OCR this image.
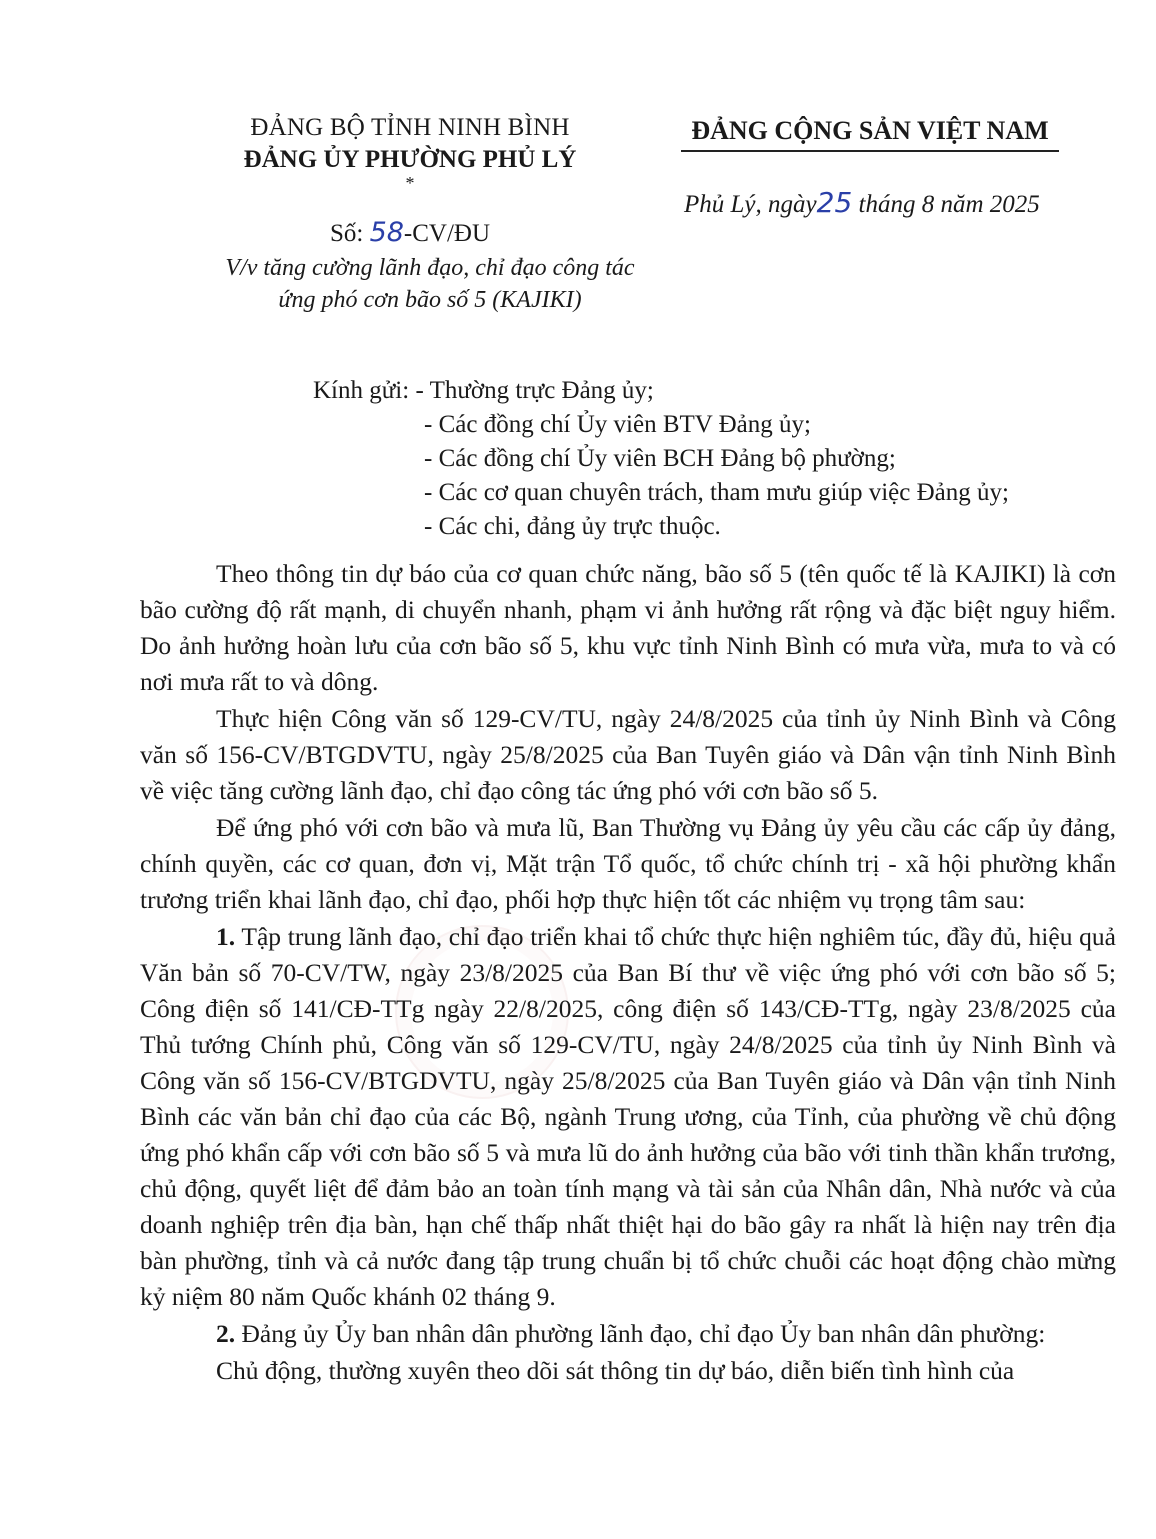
ĐẢNG BỘ TỈNH NINH BÌNH
ĐẢNG ỦY PHƯỜNG PHỦ LÝ
*
ĐẢNG CỘNG SẢN VIỆT NAM
Phủ Lý, ngày25 tháng 8 năm 2025
Số: 58-CV/ĐU
V/v tăng cường lãnh đạo, chỉ đạo công tác
ứng phó cơn bão số 5 (KAJIKI)
Kính gửi: - Thường trực Đảng ủy;
- Các đồng chí Ủy viên BTV Đảng ủy;
- Các đồng chí Ủy viên BCH Đảng bộ phường;
- Các cơ quan chuyên trách, tham mưu giúp việc Đảng ủy;
- Các chi, đảng ủy trực thuộc.

Theo thông tin dự báo của cơ quan chức năng, bão số 5 (tên quốc tế là KAJIKI) là cơn bão cường độ rất mạnh, di chuyển nhanh, phạm vi ảnh hưởng rất rộng và đặc biệt nguy hiểm. Do ảnh hưởng hoàn lưu của cơn bão số 5, khu vực tỉnh Ninh Bình có mưa vừa, mưa to và có nơi mưa rất to và dông.

Thực hiện Công văn số 129-CV/TU, ngày 24/8/2025 của tỉnh ủy Ninh Bình và Công văn số 156-CV/BTGDVTU, ngày 25/8/2025 của Ban Tuyên giáo và Dân vận tỉnh Ninh Bình về việc tăng cường lãnh đạo, chỉ đạo công tác ứng phó với cơn bão số 5.

Để ứng phó với cơn bão và mưa lũ, Ban Thường vụ Đảng ủy yêu cầu các cấp ủy đảng, chính quyền, các cơ quan, đơn vị, Mặt trận Tổ quốc, tổ chức chính trị - xã hội phường khẩn trương triển khai lãnh đạo, chỉ đạo, phối hợp thực hiện tốt các nhiệm vụ trọng tâm sau:

1. Tập trung lãnh đạo, chỉ đạo triển khai tổ chức thực hiện nghiêm túc, đầy đủ, hiệu quả Văn bản số 70-CV/TW, ngày 23/8/2025 của Ban Bí thư về việc ứng phó với cơn bão số 5; Công điện số 141/CĐ-TTg ngày 22/8/2025, công điện số 143/CĐ-TTg, ngày 23/8/2025 của Thủ tướng Chính phủ, Công văn số 129-CV/TU, ngày 24/8/2025 của tỉnh ủy Ninh Bình và Công văn số 156-CV/BTGDVTU, ngày 25/8/2025 của Ban Tuyên giáo và Dân vận tỉnh Ninh Bình các văn bản chỉ đạo của các Bộ, ngành Trung ương, của Tỉnh, của phường về chủ động ứng phó khẩn cấp với cơn bão số 5 và mưa lũ do ảnh hưởng của bão với tinh thần khẩn trương, chủ động, quyết liệt để đảm bảo an toàn tính mạng và tài sản của Nhân dân, Nhà nước và của doanh nghiệp trên địa bàn, hạn chế thấp nhất thiệt hại do bão gây ra nhất là hiện nay trên địa bàn phường, tỉnh và cả nước đang tập trung chuẩn bị tổ chức chuỗi các hoạt động chào mừng kỷ niệm 80 năm Quốc khánh 02 tháng 9.

2. Đảng ủy Ủy ban nhân dân phường lãnh đạo, chỉ đạo Ủy ban nhân dân phường:

Chủ động, thường xuyên theo dõi sát thông tin dự báo, diễn biến tình hình của
